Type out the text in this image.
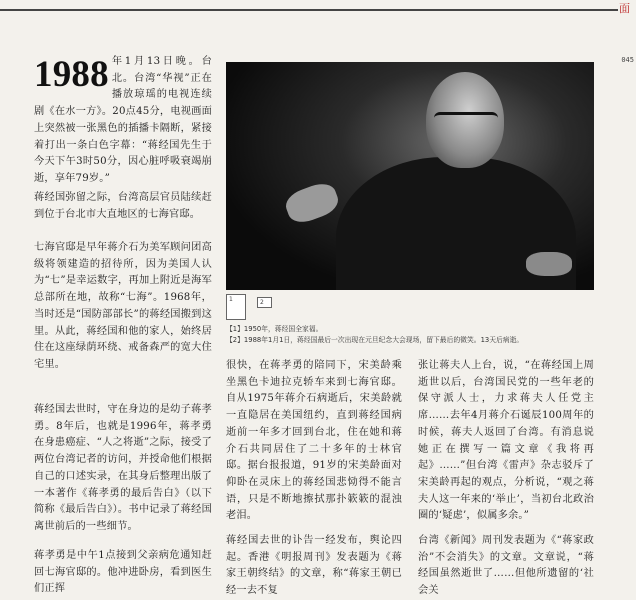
面
045
1988 年1月13日晚。台北。台湾“华视”正在播放琼瑶的电视连续剧《在水一方》。20点45分，电视画面上突然被一张黑色的插播卡隔断，紧接着打出一条白色字幕：“蒋经国先生于今天下午3时50分，因心脏呼吸衰竭崩逝，享年79岁。”

蒋经国弥留之际，台湾高层官员陆续赶到位于台北市大直地区的七海官邸。

七海官邸是早年蒋介石为美军顾问团高级将领建造的招待所，因为美国人认为“七”是幸运数字，再加上附近是海军总部所在地，故称“七海”。1968年，当时还是“国防部部长”的蒋经国搬到这里。从此，蒋经国和他的家人，始终居住在这座绿荫环绕、戒备森严的宽大住宅里。

蒋经国去世时，守在身边的是幼子蒋孝勇。8年后，也就是1996年，蒋孝勇在身患癌症、“人之将逝”之际，接受了两位台湾记者的访问，并授命他们根据自己的口述实录，在其身后整理出版了一本著作《蒋孝勇的最后告白》（以下简称《最后告白》）。书中记录了蒋经国离世前后的一些细节。

蒋孝勇是中午1点接到父亲病危通知赶回七海官邸的。他冲进卧房，看到医生们正挥

1	2

【1】1950年，蒋经国全家福。

【2】1988年1月1日，蒋经国最后一次出现在元旦纪念大会现场，留下最后的微笑。13天后病逝。

很快，在蒋孝勇的陪同下，宋美龄乘坐黑色卡迪拉克轿车来到七海官邸。自从1975年蒋介石病逝后，宋美龄就一直隐居在美国纽约，直到蒋经国病逝前一年多才回到台北，住在她和蒋介石共同居住了二十多年的士林官邸。据台报报道，91岁的宋美龄面对仰卧在灵床上的蒋经国悲恸得不能言语，只是不断地擦拭那扑簌簌的混浊老泪。

蒋经国去世的讣告一经发布，舆论四起。香港《明报周刊》发表题为《蒋家王朝终结》的文章，称“蒋家王朝已经一去不复

张让蒋夫人上台，说，“在蒋经国上周逝世以后，台湾国民党的一些年老的保守派人士，力求蒋夫人任党主席……去年4月蒋介石诞辰100周年的时候，蒋夫人返回了台湾。有消息说她正在撰写一篇文章《我将再起》……”但台湾《雷声》杂志驳斥了宋美龄再起的观点，分析说，“观之蒋夫人这一年来的‘举止’，当初台北政治圈的‘疑虑’，似属多余。”

台湾《新闻》周刊发表题为《“蒋家政治”不会消失》的文章。文章说，“蒋经国虽然逝世了……但他所遗留的‘社会关
